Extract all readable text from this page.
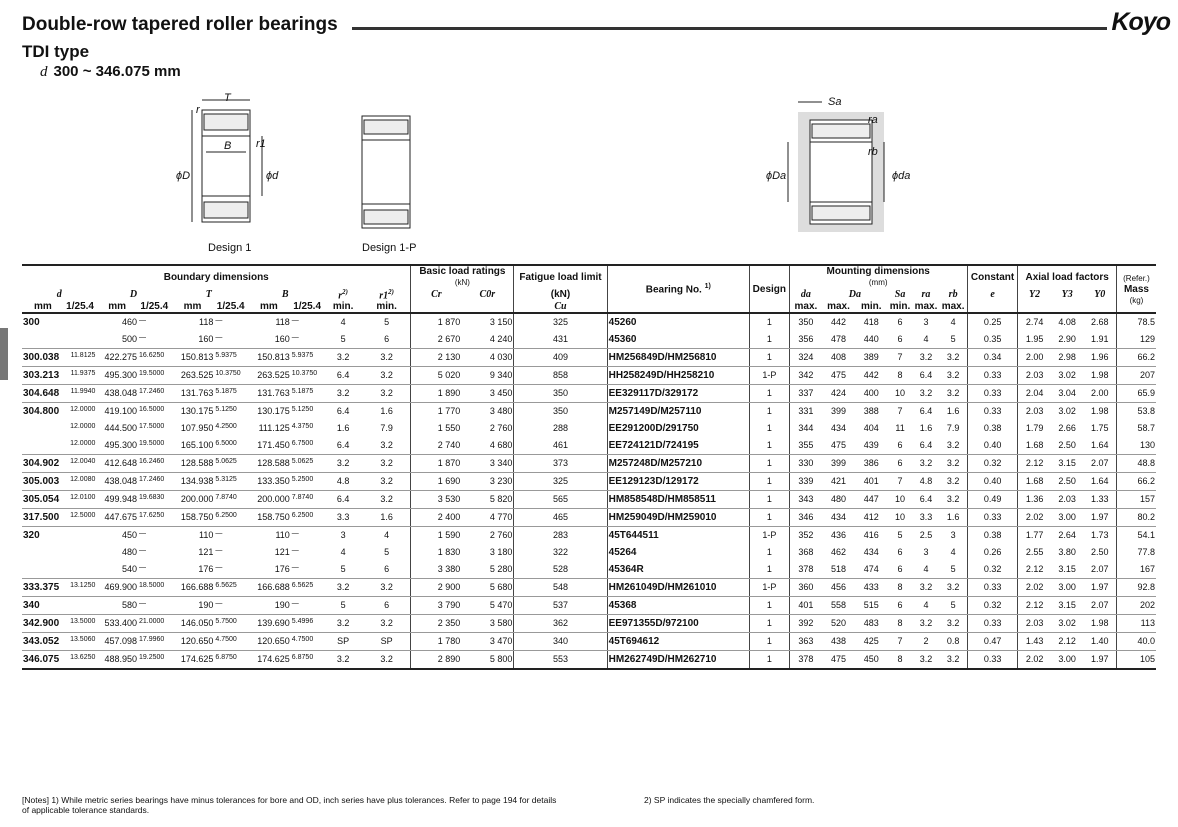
Double-row tapered roller bearings	Koyo
TDI type
d 300 ~ 346.075 mm
T
r
r1
B
ϕD	ϕd
Design 1	Design 1-P
Sa
ra
rb
ϕDa	ϕda
Boundary dimensions										Basic load ratings
(kN)		Fatigue load limit	Bearing No. $^{1)}$	Design	Mounting dimensions
(mm)						Constant	Axial load factors			(Refer.)
Mass
(kg)
d		D		T		B		$r^{2)}$	r1$^{2)}$	Cr	C0r	(kN)			da	Da		Sa	ra	rb	e	Y2	Y3	Y0	
mm	1/25.4	mm	1/25.4	mm	1/25.4	mm	1/25.4	min.	min.			Cu			max.	max.	min.	min.	max.	max.					
300		460	—	118	—	118	—	4	5	1 870	3 150	325	45260	1	350	442	418	6	3	4	0.25	2.74	4.08	2.68	78.5
		500	—	160	—	160	—	5	6	2 670	4 240	431	45360	1	356	478	440	6	4	5	0.35	1.95	2.90	1.91	129
300.038	11.8125	422.275	16.6250	150.813	5.9375	150.813	5.9375	3.2	3.2	2 130	4 030	409	HM256849D/HM256810	1	324	408	389	7	3.2	3.2	0.34	2.00	2.98	1.96	66.2
303.213	11.9375	495.300	19.5000	263.525	10.3750	263.525	10.3750	6.4	3.2	5 020	9 340	858	HH258249D/HH258210	1-P	342	475	442	8	6.4	3.2	0.33	2.03	3.02	1.98	207
304.648	11.9940	438.048	17.2460	131.763	5.1875	131.763	5.1875	3.2	3.2	1 890	3 450	350	EE329117D/329172	1	337	424	400	10	3.2	3.2	0.33	2.04	3.04	2.00	65.9
304.800	12.0000	419.100	16.5000	130.175	5.1250	130.175	5.1250	6.4	1.6	1 770	3 480	350	M257149D/M257110	1	331	399	388	7	6.4	1.6	0.33	2.03	3.02	1.98	53.8
	12.0000	444.500	17.5000	107.950	4.2500	111.125	4.3750	1.6	7.9	1 550	2 760	288	EE291200D/291750	1	344	434	404	11	1.6	7.9	0.38	1.79	2.66	1.75	58.7
	12.0000	495.300	19.5000	165.100	6.5000	171.450	6.7500	6.4	3.2	2 740	4 680	461	EE724121D/724195	1	355	475	439	6	6.4	3.2	0.40	1.68	2.50	1.64	130
304.902	12.0040	412.648	16.2460	128.588	5.0625	128.588	5.0625	3.2	3.2	1 870	3 340	373	M257248D/M257210	1	330	399	386	6	3.2	3.2	0.32	2.12	3.15	2.07	48.8
305.003	12.0080	438.048	17.2460	134.938	5.3125	133.350	5.2500	4.8	3.2	1 690	3 230	325	EE129123D/129172	1	339	421	401	7	4.8	3.2	0.40	1.68	2.50	1.64	66.2
305.054	12.0100	499.948	19.6830	200.000	7.8740	200.000	7.8740	6.4	3.2	3 530	5 820	565	HM858548D/HM858511	1	343	480	447	10	6.4	3.2	0.49	1.36	2.03	1.33	157
317.500	12.5000	447.675	17.6250	158.750	6.2500	158.750	6.2500	3.3	1.6	2 400	4 770	465	HM259049D/HM259010	1	346	434	412	10	3.3	1.6	0.33	2.02	3.00	1.97	80.2
320		450	—	110	—	110	—	3	4	1 590	2 760	283	45T644511	1-P	352	436	416	5	2.5	3	0.38	1.77	2.64	1.73	54.1
		480	—	121	—	121	—	4	5	1 830	3 180	322	45264	1	368	462	434	6	3	4	0.26	2.55	3.80	2.50	77.8
		540	—	176	—	176	—	5	6	3 380	5 280	528	45364R	1	378	518	474	6	4	5	0.32	2.12	3.15	2.07	167
333.375	13.1250	469.900	18.5000	166.688	6.5625	166.688	6.5625	3.2	3.2	2 900	5 680	548	HM261049D/HM261010	1-P	360	456	433	8	3.2	3.2	0.33	2.02	3.00	1.97	92.8
340		580	—	190	—	190	—	5	6	3 790	5 470	537	45368	1	401	558	515	6	4	5	0.32	2.12	3.15	2.07	202
342.900	13.5000	533.400	21.0000	146.050	5.7500	139.690	5.4996	3.2	3.2	2 350	3 580	362	EE971355D/972100	1	392	520	483	8	3.2	3.2	0.33	2.03	3.02	1.98	113
343.052	13.5060	457.098	17.9960	120.650	4.7500	120.650	4.7500	SP	SP	1 780	3 470	340	45T694612	1	363	438	425	7	2	0.8	0.47	1.43	2.12	1.40	40.0
346.075	13.6250	488.950	19.2500	174.625	6.8750	174.625	6.8750	3.2	3.2	2 890	5 800	553	HM262749D/HM262710	1	378	475	450	8	3.2	3.2	0.33	2.02	3.00	1.97	105
[Notes] 1) While metric series bearings have minus tolerances for bore and OD, inch series have plus tolerances. Refer to page 194 for details of applicable tolerance standards.
2) SP indicates the specially chamfered form.
